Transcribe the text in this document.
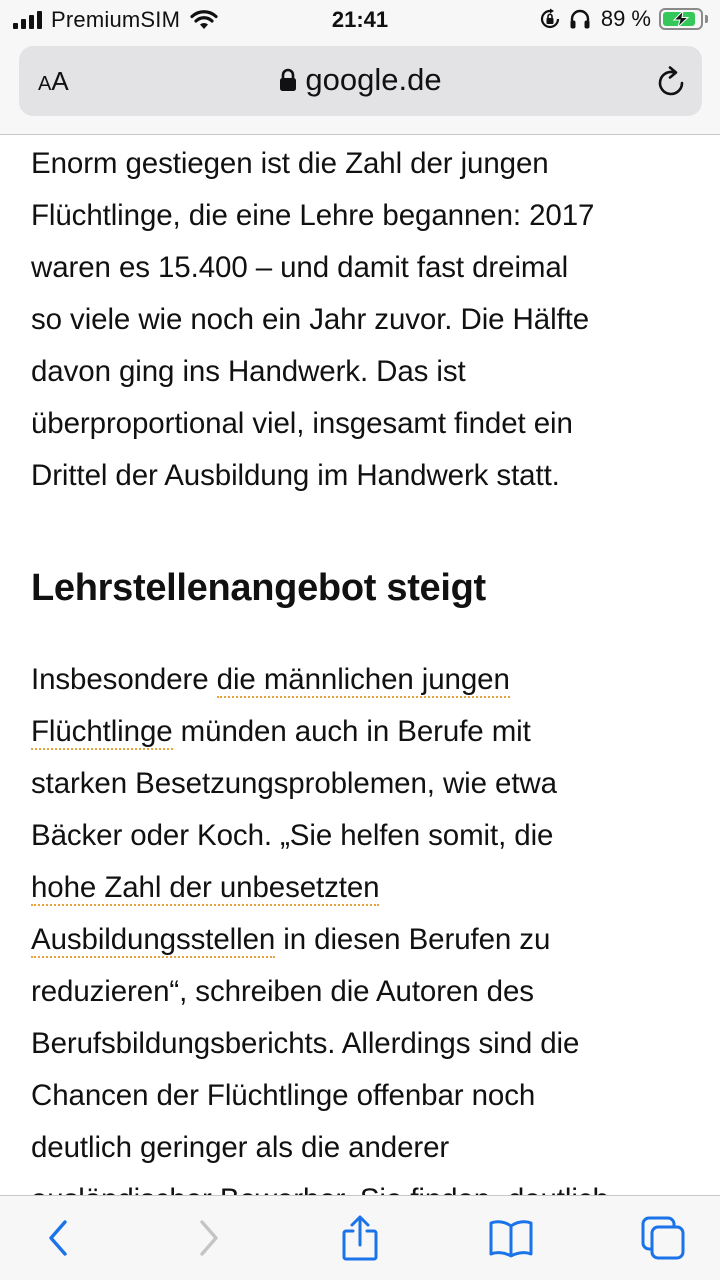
PremiumSIM	21:41	89 %
AA	google.de

Enorm gestiegen ist die Zahl der jungen
Flüchtlinge, die eine Lehre begannen: 2017
waren es 15.400 – und damit fast dreimal
so viele wie noch ein Jahr zuvor. Die Hälfte
davon ging ins Handwerk. Das ist
überproportional viel, insgesamt findet ein
Drittel der Ausbildung im Handwerk statt.

Lehrstellenangebot steigt

Insbesondere die männlichen jungen
Flüchtlinge münden auch in Berufe mit
starken Besetzungsproblemen, wie etwa
Bäcker oder Koch. „Sie helfen somit, die
hohe Zahl der unbesetzten
Ausbildungsstellen in diesen Berufen zu
reduzieren“, schreiben die Autoren des
Berufsbildungsberichts. Allerdings sind die
Chancen der Flüchtlinge offenbar noch
deutlich geringer als die anderer
